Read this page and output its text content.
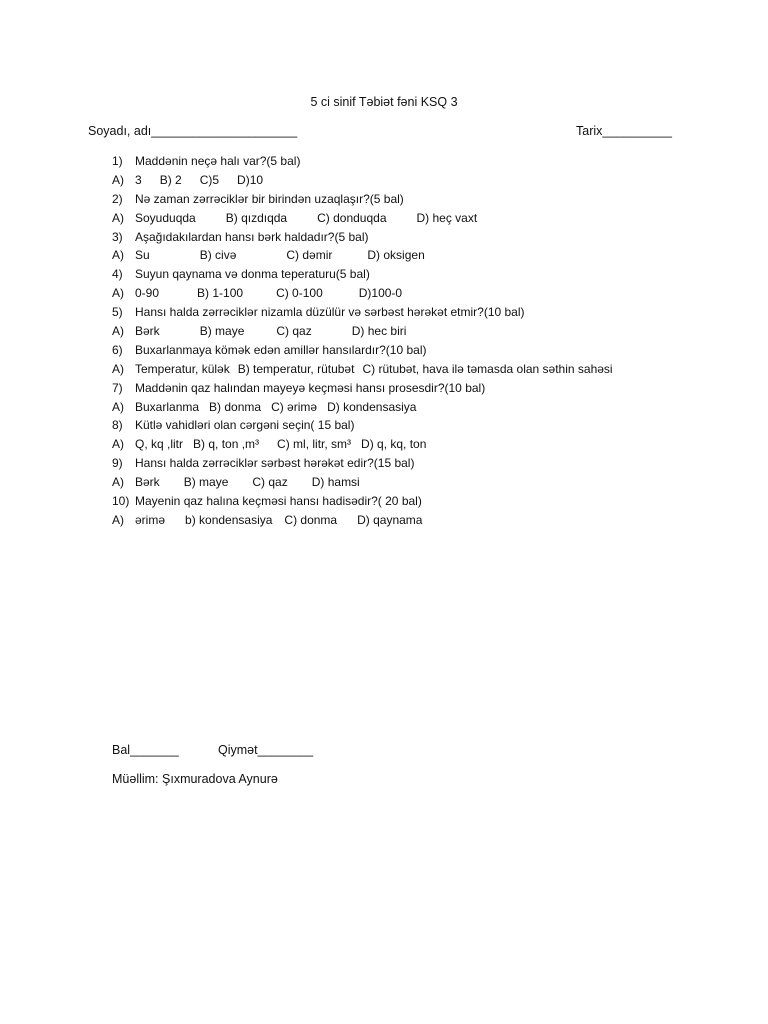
5 ci sinif Təbiət fəni KSQ 3
Soyadı, adı_____________________	Tarix__________
1)	Maddənin neçə halı var?(5 bal)
A) 3 B) 2 C)5 D)10
2)	Nə zaman zərrəciklər bir birindən uzaqlaşır?(5 bal)
A) Soyuduqda	B) qızdıqda	C) donduqda	D) heç vaxt
3)	Aşağıdakılardan hansı bərk haldadır?(5 bal)
A) Su	B) civə	C) dəmir	D) oksigen
4)	Suyun qaynama və donma teperaturu(5 bal)
A) 0-90	B) 1-100	C) 0-100	D)100-0
5)	Hansı halda zərrəciklər nizamla düzülür və sərbəst hərəkət etmir?(10 bal)
A) Bərk	B) maye	C) qaz	D) hec biri
6)	Buxarlanmaya kömək edən amillər hansılardır?(10 bal)
A) Temperatur, külək B) temperatur, rütubət C) rütubət, hava ilə təmasda olan səthin sahəsi
7)	Maddənin qaz halından mayeyə keçməsi hansı prosesdir?(10 bal)
A) Buxarlanma B) donma C) ərimə D) kondensasiya
8)	Kütlə vahidləri olan cərgəni seçin( 15 bal)
A) Q, kq ,litr B) q, ton ,m³ C) ml, litr, sm³ D) q, kq, ton
9)	Hansı halda zərrəciklər sərbəst hərəkət edir?(15 bal)
A) Bərk B) maye C) qaz D) hamsi
10) Mayenin qaz halına keçməsi hansı hadisədir?( 20 bal)
A) ərimə b) kondensasiya C) donma D) qaynama
Bal_______	Qiymət________
Müəllim: Şıxmuradova Aynurə
